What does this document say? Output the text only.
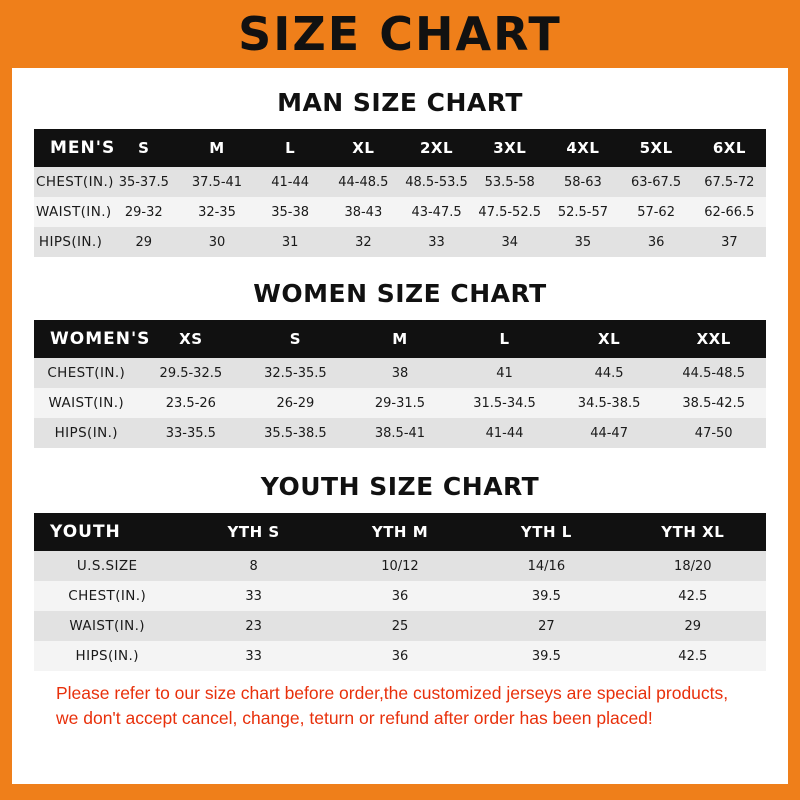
SIZE CHART
MAN SIZE CHART
MEN'S	S	M	L	XL	2XL	3XL	4XL	5XL	6XL
CHEST(IN.)	35-37.5	37.5-41	41-44	44-48.5	48.5-53.5	53.5-58	58-63	63-67.5	67.5-72
WAIST(IN.)	29-32	32-35	35-38	38-43	43-47.5	47.5-52.5	52.5-57	57-62	62-66.5
HIPS(IN.)	29	30	31	32	33	34	35	36	37
WOMEN SIZE CHART
WOMEN'S	XS	S	M	L	XL	XXL
CHEST(IN.)	29.5-32.5	32.5-35.5	38	41	44.5	44.5-48.5
WAIST(IN.)	23.5-26	26-29	29-31.5	31.5-34.5	34.5-38.5	38.5-42.5
HIPS(IN.)	33-35.5	35.5-38.5	38.5-41	41-44	44-47	47-50
YOUTH SIZE CHART
YOUTH	YTH S	YTH M	YTH L	YTH XL
U.S.SIZE	8	10/12	14/16	18/20
CHEST(IN.)	33	36	39.5	42.5
WAIST(IN.)	23	25	27	29
HIPS(IN.)	33	36	39.5	42.5
Please refer to our size chart before order,the customized jerseys are special products, we don't accept cancel, change, teturn or refund after order has been placed!
